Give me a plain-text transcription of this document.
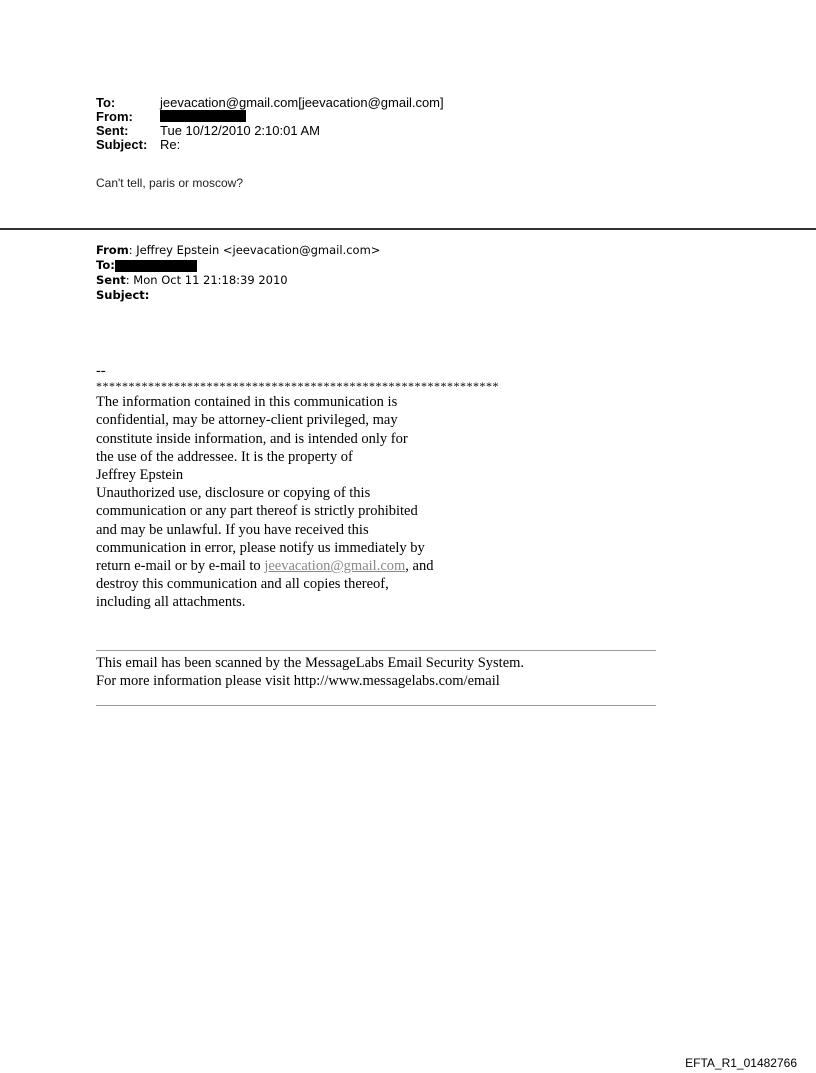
To:	jeevacation@gmail.com[jeevacation@gmail.com]
From:
Sent:	Tue 10/12/2010 2:10:01 AM
Subject: Re:
Can't tell, paris or moscow?
From: Jeffrey Epstein <jeevacation@gmail.com>
To:
Sent: Mon Oct 11 21:18:39 2010
Subject:
--
**************************************************************
The information contained in this communication is
confidential, may be attorney-client privileged, may
constitute inside information, and is intended only for
the use of the addressee. It is the property of
Jeffrey Epstein
Unauthorized use, disclosure or copying of this
communication or any part thereof is strictly prohibited
and may be unlawful. If you have received this
communication in error, please notify us immediately by
return e-mail or by e-mail to jeevacation@gmail.com, and
destroy this communication and all copies thereof,
including all attachments.
This email has been scanned by the MessageLabs Email Security System.
For more information please visit http://www.messagelabs.com/email
EFTA_R1_01482766
